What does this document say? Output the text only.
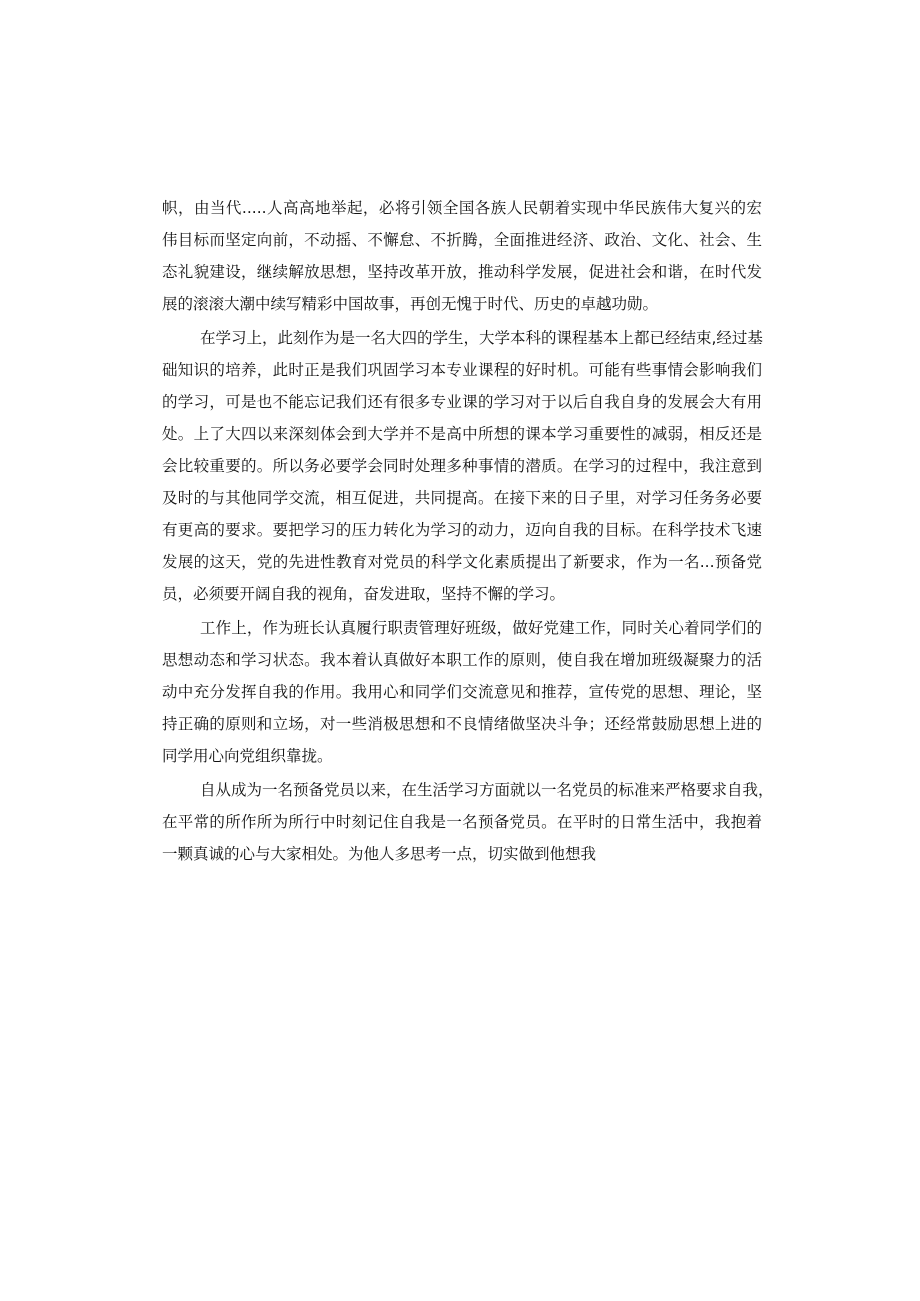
帜，由当代.....人高高地举起，必将引领全国各族人民朝着实现中华民族伟大复兴的宏
伟目标而坚定向前，不动摇、不懈怠、不折腾，全面推进经济、政治、文化、社会、生
态礼貌建设，继续解放思想，坚持改革开放，推动科学发展，促进社会和谐，在时代发
展的滚滚大潮中续写精彩中国故事，再创无愧于时代、历史的卓越功勋。
在学习上，此刻作为是一名大四的学生，大学本科的课程基本上都已经结束,经过基
础知识的培养，此时正是我们巩固学习本专业课程的好时机。可能有些事情会影响我们
的学习，可是也不能忘记我们还有很多专业课的学习对于以后自我自身的发展会大有用
处。上了大四以来深刻体会到大学并不是高中所想的课本学习重要性的减弱，相反还是
会比较重要的。所以务必要学会同时处理多种事情的潜质。在学习的过程中，我注意到
及时的与其他同学交流，相互促进，共同提高。在接下来的日子里，对学习任务务必要
有更高的要求。要把学习的压力转化为学习的动力，迈向自我的目标。在科学技术飞速
发展的这天，党的先进性教育对党员的科学文化素质提出了新要求，作为一名...预备党
员，必须要开阔自我的视角，奋发进取，坚持不懈的学习。
工作上，作为班长认真履行职责管理好班级，做好党建工作，同时关心着同学们的
思想动态和学习状态。我本着认真做好本职工作的原则，使自我在增加班级凝聚力的活
动中充分发挥自我的作用。我用心和同学们交流意见和推荐，宣传党的思想、理论，坚
持正确的原则和立场，对一些消极思想和不良情绪做坚决斗争；还经常鼓励思想上进的
同学用心向党组织靠拢。
自从成为一名预备党员以来，在生活学习方面就以一名党员的标准来严格要求自我，
在平常的所作所为所行中时刻记住自我是一名预备党员。在平时的日常生活中，我抱着
一颗真诚的心与大家相处。为他人多思考一点，切实做到他想我
